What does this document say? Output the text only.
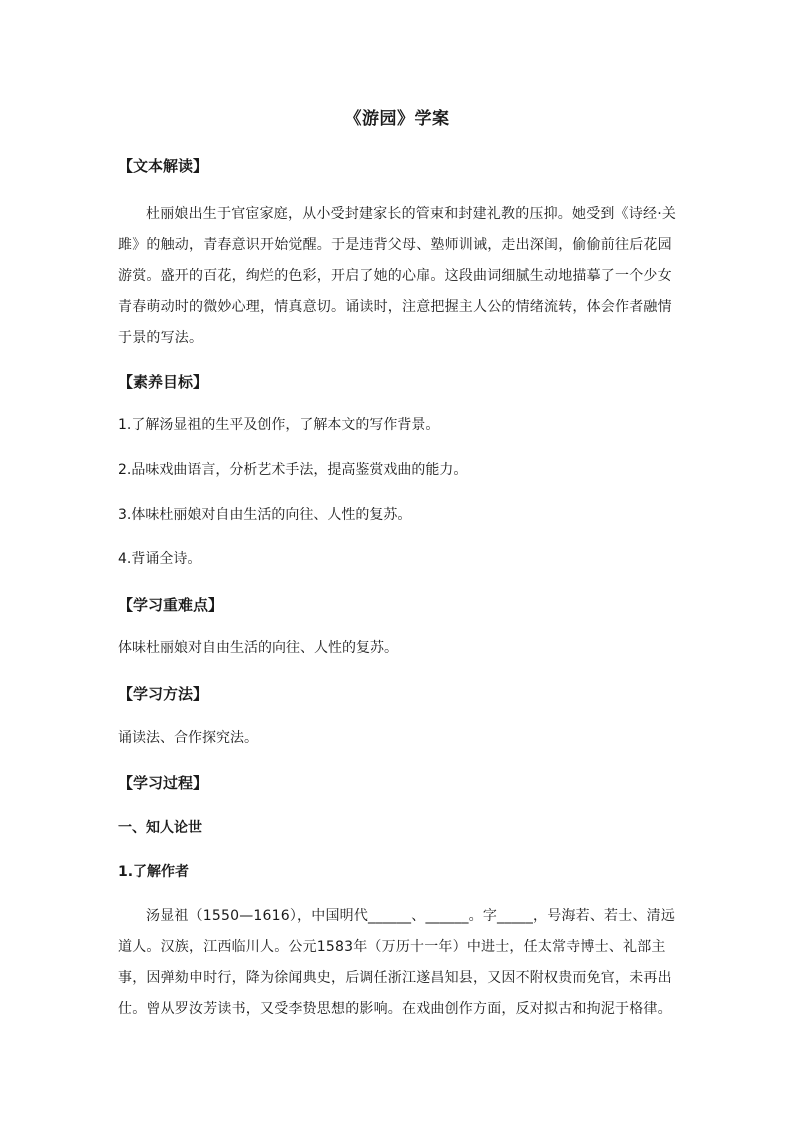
《游园》学案
【文本解读】
杜丽娘出生于官宦家庭，从小受封建家长的管束和封建礼教的压抑。她受到《诗经·关雎》的触动，青春意识开始觉醒。于是违背父母、塾师训诫，走出深闺，偷偷前往后花园游赏。盛开的百花，绚烂的色彩，开启了她的心扉。这段曲词细腻生动地描摹了一个少女青春萌动时的微妙心理，情真意切。诵读时，注意把握主人公的情绪流转，体会作者融情于景的写法。
【素养目标】
1.了解汤显祖的生平及创作，了解本文的写作背景。
2.品味戏曲语言，分析艺术手法，提高鉴赏戏曲的能力。
3.体味杜丽娘对自由生活的向往、人性的复苏。
4.背诵全诗。
【学习重难点】
体味杜丽娘对自由生活的向往、人性的复苏。
【学习方法】
诵读法、合作探究法。
【学习过程】
一、知人论世
1.了解作者
汤显祖（1550—1616），中国明代______、______。字_____，号海若、若士、清远道人。汉族，江西临川人。公元1583年（万历十一年）中进士，任太常寺博士、礼部主事，因弹劾申时行，降为徐闻典史，后调任浙江遂昌知县，又因不附权贵而免官，未再出仕。曾从罗汝芳读书，又受李贽思想的影响。在戏曲创作方面，反对拟古和拘泥于格律。
